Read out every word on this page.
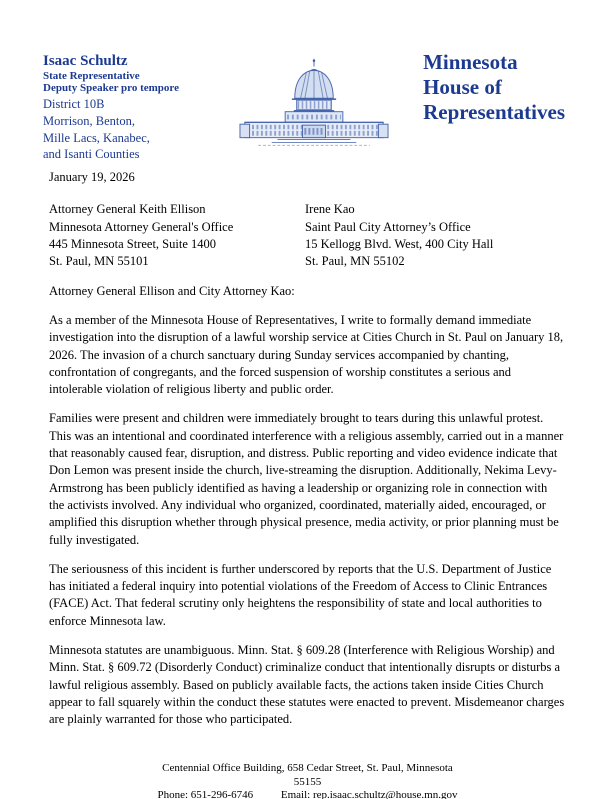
Isaac Schultz
State Representative
Deputy Speaker pro tempore
District 10B
Morrison, Benton,
Mille Lacs, Kanabec,
and Isanti Counties
Minnesota
House of
Representatives
January 19, 2026
Attorney General Keith Ellison
Minnesota Attorney General's Office
445 Minnesota Street, Suite 1400
St. Paul, MN 55101
Irene Kao
Saint Paul City Attorney’s Office
15 Kellogg Blvd. West, 400 City Hall
St. Paul, MN 55102
Attorney General Ellison and City Attorney Kao:

As a member of the Minnesota House of Representatives, I write to formally demand immediate investigation into the disruption of a lawful worship service at Cities Church in St. Paul on January 18, 2026. The invasion of a church sanctuary during Sunday services accompanied by chanting, confrontation of congregants, and the forced suspension of worship constitutes a serious and intolerable violation of religious liberty and public order.

Families were present and children were immediately brought to tears during this unlawful protest. This was an intentional and coordinated interference with a religious assembly, carried out in a manner that reasonably caused fear, disruption, and distress. Public reporting and video evidence indicate that Don Lemon was present inside the church, live-streaming the disruption. Additionally, Nekima Levy-Armstrong has been publicly identified as having a leadership or organizing role in connection with the activists involved. Any individual who organized, coordinated, materially aided, encouraged, or amplified this disruption whether through physical presence, media activity, or prior planning must be fully investigated.

The seriousness of this incident is further underscored by reports that the U.S. Department of Justice has initiated a federal inquiry into potential violations of the Freedom of Access to Clinic Entrances (FACE) Act. That federal scrutiny only heightens the responsibility of state and local authorities to enforce Minnesota law.

Minnesota statutes are unambiguous. Minn. Stat. § 609.28 (Interference with Religious Worship) and Minn. Stat. § 609.72 (Disorderly Conduct) criminalize conduct that intentionally disrupts or disturbs a lawful religious assembly. Based on publicly available facts, the actions taken inside Cities Church appear to fall squarely within the conduct these statutes were enacted to prevent. Misdemeanor charges are plainly warranted for those who participated.

Centennial Office Building, 658 Cedar Street, St. Paul, Minnesota 55155
Phone: 651-296-6746	Email: rep.isaac.schultz@house.mn.gov
